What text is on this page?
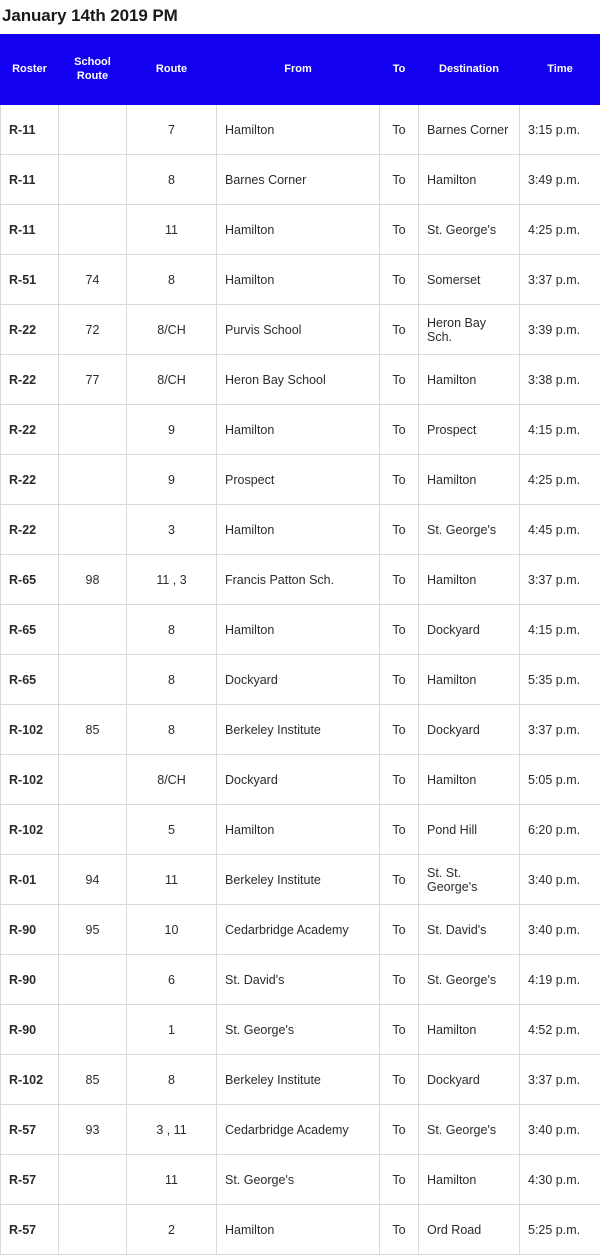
January 14th 2019 PM
Roster	School Route	Route	From	To	Destination	Time
R-11		7	Hamilton	To	Barnes Corner	3:15 p.m.
R-11		8	Barnes Corner	To	Hamilton	3:49 p.m.
R-11		11	Hamilton	To	St. George's	4:25 p.m.
R-51	74	8	Hamilton	To	Somerset	3:37 p.m.
R-22	72	8/CH	Purvis School	To	Heron Bay Sch.	3:39 p.m.
R-22	77	8/CH	Heron Bay School	To	Hamilton	3:38 p.m.
R-22		9	Hamilton	To	Prospect	4:15 p.m.
R-22		9	Prospect	To	Hamilton	4:25 p.m.
R-22		3	Hamilton	To	St. George's	4:45 p.m.
R-65	98	11 , 3	Francis Patton Sch.	To	Hamilton	3:37 p.m.
R-65		8	Hamilton	To	Dockyard	4:15 p.m.
R-65		8	Dockyard	To	Hamilton	5:35 p.m.
R-102	85	8	Berkeley Institute	To	Dockyard	3:37 p.m.
R-102		8/CH	Dockyard	To	Hamilton	5:05 p.m.
R-102		5	Hamilton	To	Pond Hill	6:20 p.m.
R-01	94	11	Berkeley Institute	To	St. St. George's	3:40 p.m.
R-90	95	10	Cedarbridge Academy	To	St. David's	3:40 p.m.
R-90		6	St. David's	To	St. George's	4:19 p.m.
R-90		1	St. George's	To	Hamilton	4:52 p.m.
R-102	85	8	Berkeley Institute	To	Dockyard	3:37 p.m.
R-57	93	3 , 11	Cedarbridge Academy	To	St. George's	3:40 p.m.
R-57		11	St. George's	To	Hamilton	4:30 p.m.
R-57		2	Hamilton	To	Ord Road	5:25 p.m.
